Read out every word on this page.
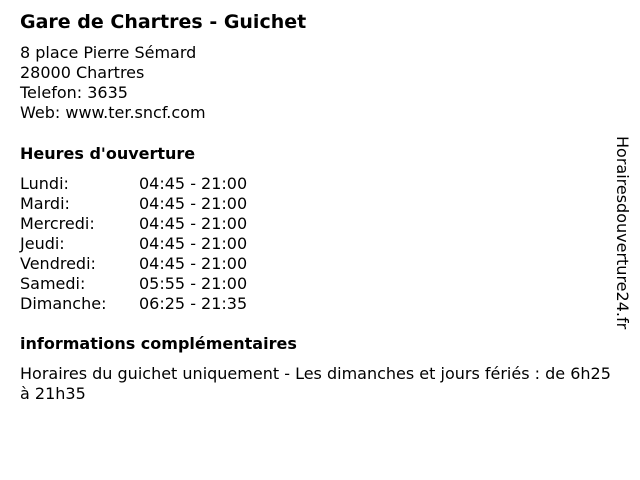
Gare de Chartres - Guichet
8 place Pierre Sémard
28000 Chartres
Telefon: 3635
Web: www.ter.sncf.com
Heures d'ouverture
Lundi:	04:45 - 21:00
Mardi:	04:45 - 21:00
Mercredi:	04:45 - 21:00
Jeudi:	04:45 - 21:00
Vendredi:	04:45 - 21:00
Samedi:	05:55 - 21:00
Dimanche: 06:25 - 21:35
informations complémentaires
Horaires du guichet uniquement - Les dimanches et jours fériés : de 6h25 à 21h35
Horairesdouverture24.fr
